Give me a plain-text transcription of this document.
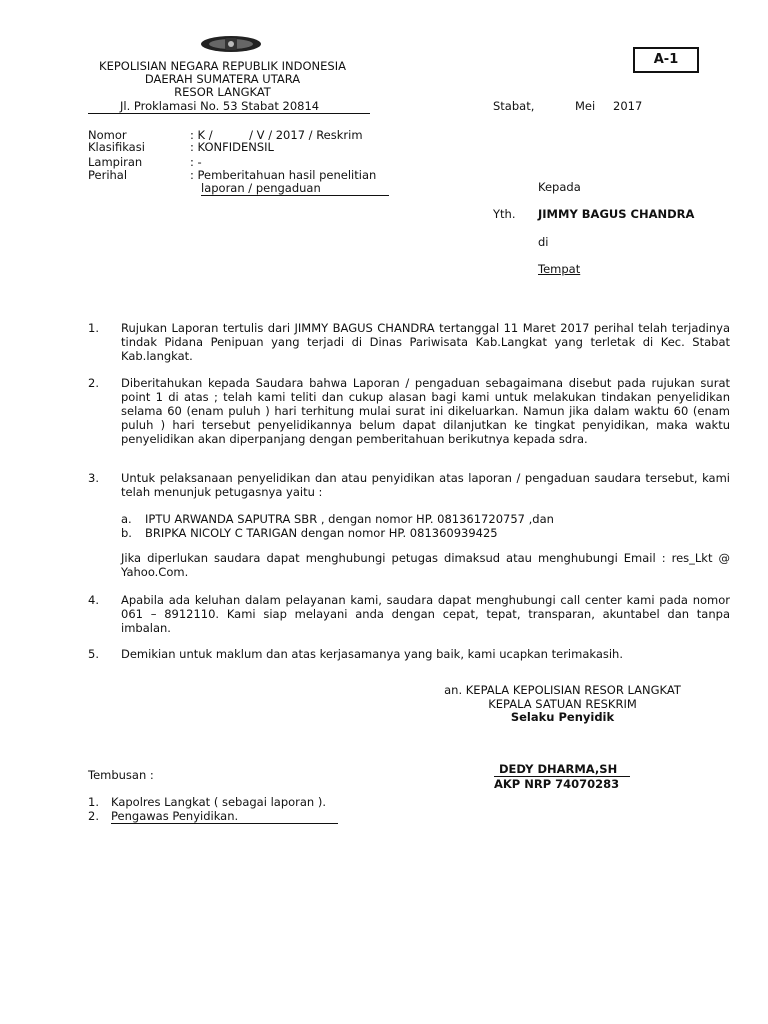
A-1
KEPOLISIAN NEGARA REPUBLIK INDONESIA
DAERAH SUMATERA UTARA
RESOR LANGKAT
Jl. Proklamasi No. 53 Stabat 20814	Stabat,	Mei 2017
Nomor	: K /          / V / 2017 / Reskrim
Klasifikasi	: KONFIDENSIL
Lampiran	: -
Perihal	: Pemberitahuan hasil penelitian
laporan / pengaduan	Kepada
Yth. JIMMY BAGUS CHANDRA
di
Tempat
1.	Rujukan Laporan tertulis dari JIMMY BAGUS CHANDRA tertanggal 11 Maret 2017 perihal telah terjadinya tindak Pidana Penipuan yang terjadi di Dinas Pariwisata Kab.Langkat yang terletak di Kec. Stabat Kab.langkat.

2.	Diberitahukan kepada Saudara bahwa Laporan / pengaduan sebagaimana disebut pada rujukan surat point 1 di atas ; telah kami teliti dan cukup alasan bagi kami untuk melakukan tindakan penyelidikan selama 60 (enam puluh ) hari terhitung mulai surat ini dikeluarkan. Namun jika dalam waktu 60 (enam puluh ) hari tersebut penyelidikannya belum dapat dilanjutkan ke tingkat penyidikan, maka waktu penyelidikan akan diperpanjang dengan pemberitahuan berikutnya kepada sdra.

3.	Untuk pelaksanaan penyelidikan dan atau penyidikan atas laporan / pengaduan saudara tersebut, kami telah menunjuk petugasnya yaitu :

a. IPTU ARWANDA SAPUTRA SBR , dengan nomor HP. 081361720757 ,dan
b. BRIPKA NICOLY C TARIGAN dengan nomor HP. 081360939425

Jika diperlukan saudara dapat menghubungi petugas dimaksud atau menghubungi Email : res_Lkt @ Yahoo.Com.

4.	Apabila ada keluhan dalam pelayanan kami, saudara dapat menghubungi call center kami pada nomor 061 – 8912110. Kami siap melayani anda dengan cepat, tepat, transparan, akuntabel dan tanpa imbalan.

5.	Demikian untuk maklum dan atas kerjasamanya yang baik, kami ucapkan terimakasih.

an. KEPALA KEPOLISIAN RESOR LANGKAT
KEPALA SATUAN RESKRIM
Selaku Penyidik
DEDY DHARMA,SH
AKP NRP 74070283
Tembusan :
1. Kapolres Langkat ( sebagai laporan ).
2. Pengawas Penyidikan.
